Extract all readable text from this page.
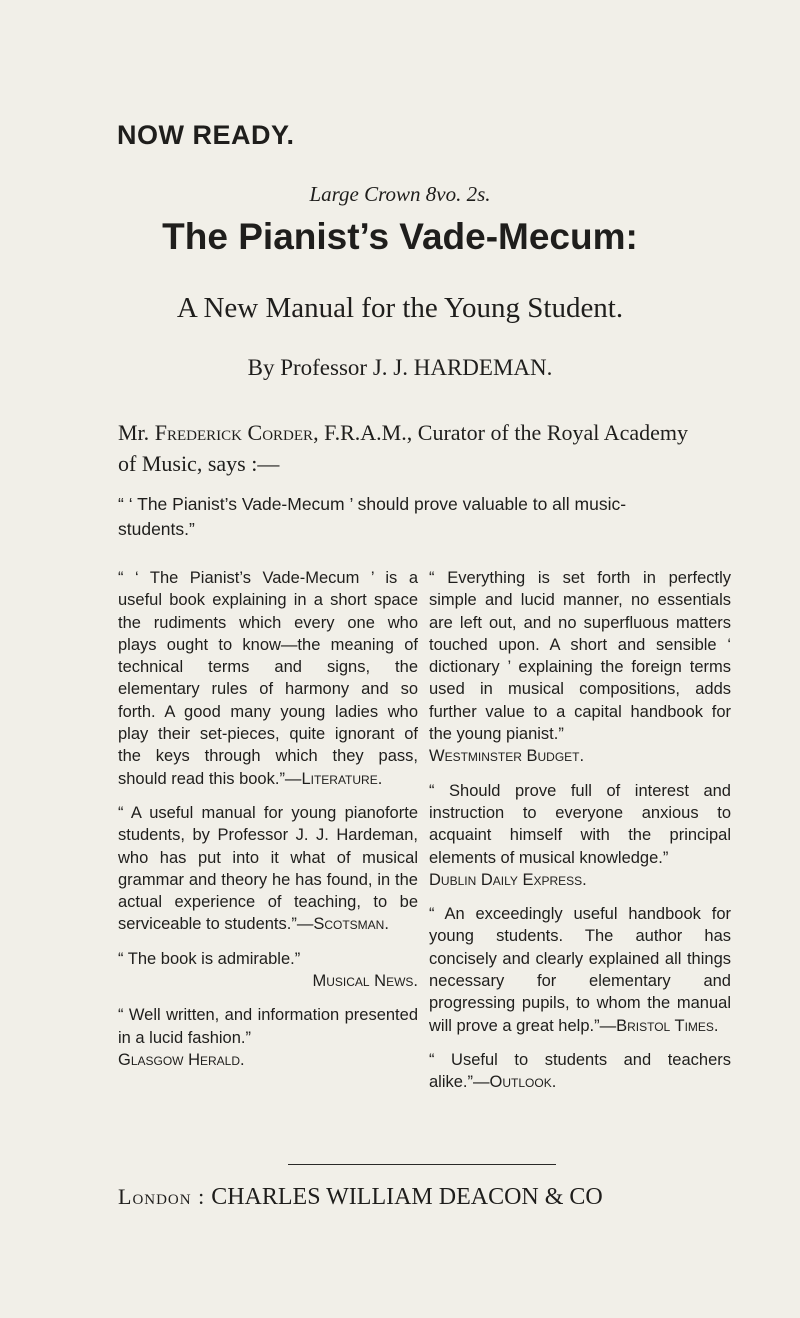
NOW READY.
Large Crown 8vo. 2s.
The Pianist’s Vade-Mecum:
A New Manual for the Young Student.
By Professor J. J. HARDEMAN.
Mr. Frederick Corder, F.R.A.M., Curator of the Royal Academy of Music, says :—
“ ‘ The Pianist’s Vade-Mecum ’ should prove valuable to all music-students.”

“ ‘ The Pianist’s Vade-Mecum ’ is a useful book explaining in a short space the rudiments which every one who plays ought to know—the meaning of technical terms and signs, the elementary rules of harmony and so forth. A good many young ladies who play their set-pieces, quite ignorant of the keys through which they pass, should read this book.”—Literature.

“ A useful manual for young pianoforte students, by Professor J. J. Hardeman, who has put into it what of musical grammar and theory he has found, in the actual experience of teaching, to be serviceable to students.”—Scotsman.

“ The book is admirable.”
Musical News.

“ Well written, and information presented in a lucid fashion.”
Glasgow Herald.

“ Everything is set forth in perfectly simple and lucid manner, no essentials are left out, and no superfluous matters touched upon. A short and sensible ‘ dictionary ’ explaining the foreign terms used in musical compositions, adds further value to a capital handbook for the young pianist.”
Westminster Budget.

“ Should prove full of interest and instruction to everyone anxious to acquaint himself with the principal elements of musical knowledge.”
Dublin Daily Express.

“ An exceedingly useful handbook for young students. The author has concisely and clearly explained all things necessary for elementary and progressing pupils, to whom the manual will prove a great help.”—Bristol Times.

“ Useful to students and teachers alike.”—Outlook.

London : CHARLES WILLIAM DEACON & CO
